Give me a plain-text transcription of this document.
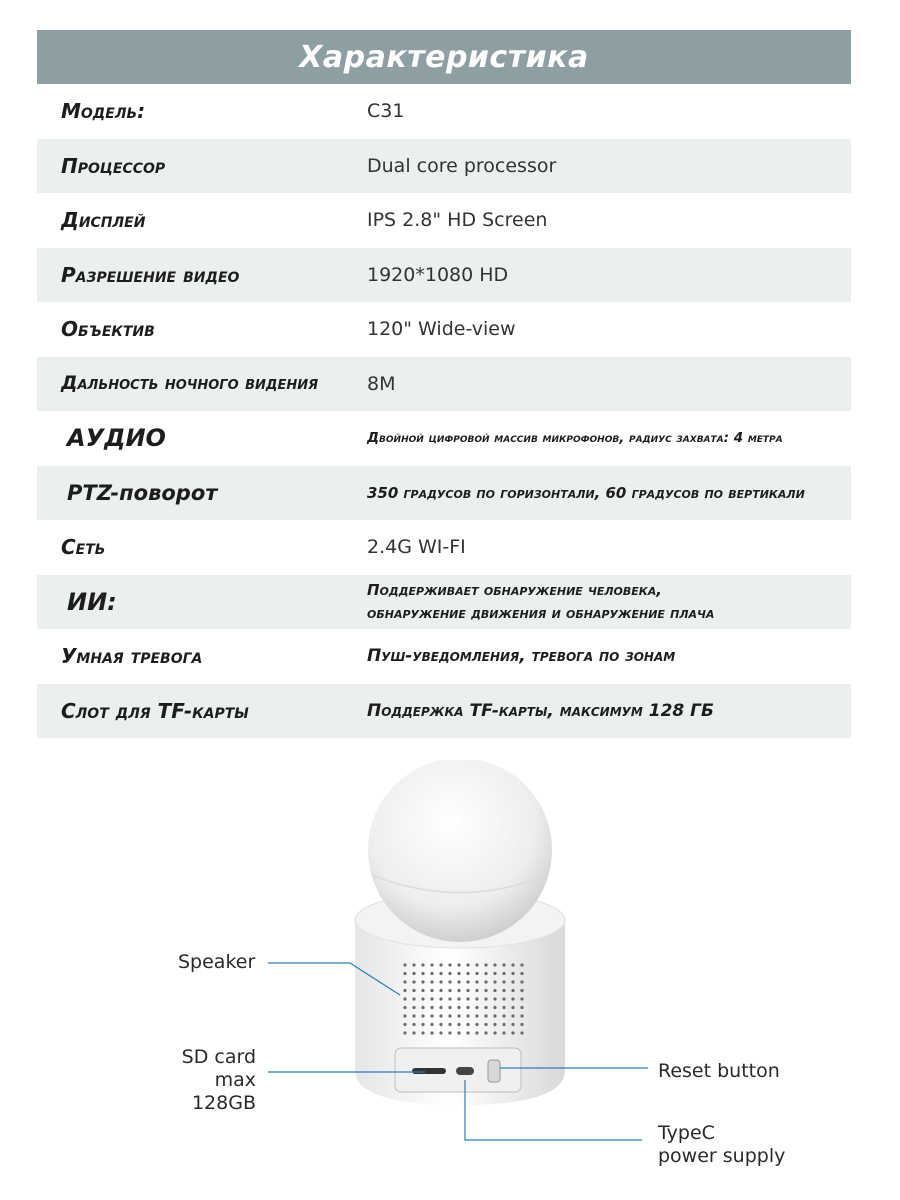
Характеристика
Модель:	C31
Процессор	Dual core processor
Дисплей	IPS 2.8" HD Screen
Разрешение видео	1920*1080 HD
Объектив	120" Wide-view
Дальность ночного видения	8M
АУДИО	Двойной цифровой массив микрофонов, радиус захвата: 4 метра
PTZ-поворот	350 градусов по горизонтали, 60 градусов по вертикали
Сеть	2.4G WI-FI
ИИ:	Поддерживает обнаружение человека,
обнаружение движения и обнаружение плача
Умная тревога	Пуш-уведомления, тревога по зонам
Слот для TF-карты	Поддержка TF-карты, максимум 128 ГБ
Speaker
SD card
max 128GB
Reset button
TypeC
power supply
